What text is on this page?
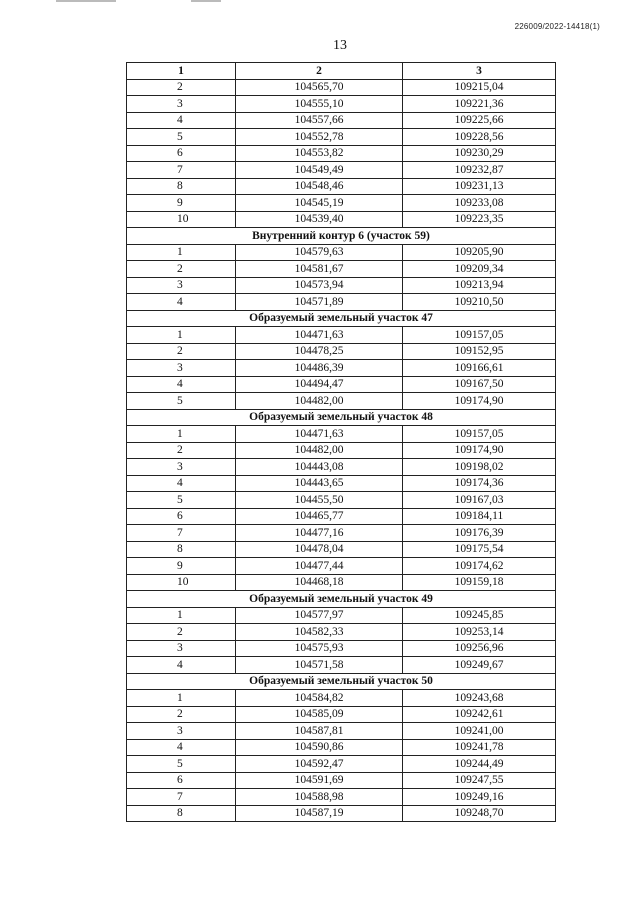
226009/2022-14418(1)
13
1	2	3
2	104565,70	109215,04
3	104555,10	109221,36
4	104557,66	109225,66
5	104552,78	109228,56
6	104553,82	109230,29
7	104549,49	109232,87
8	104548,46	109231,13
9	104545,19	109233,08
10	104539,40	109223,35
Внутренний контур 6 (участок 59)		
1	104579,63	109205,90
2	104581,67	109209,34
3	104573,94	109213,94
4	104571,89	109210,50
Образуемый земельный участок 47		
1	104471,63	109157,05
2	104478,25	109152,95
3	104486,39	109166,61
4	104494,47	109167,50
5	104482,00	109174,90
Образуемый земельный участок 48		
1	104471,63	109157,05
2	104482,00	109174,90
3	104443,08	109198,02
4	104443,65	109174,36
5	104455,50	109167,03
6	104465,77	109184,11
7	104477,16	109176,39
8	104478,04	109175,54
9	104477,44	109174,62
10	104468,18	109159,18
Образуемый земельный участок 49		
1	104577,97	109245,85
2	104582,33	109253,14
3	104575,93	109256,96
4	104571,58	109249,67
Образуемый земельный участок 50		
1	104584,82	109243,68
2	104585,09	109242,61
3	104587,81	109241,00
4	104590,86	109241,78
5	104592,47	109244,49
6	104591,69	109247,55
7	104588,98	109249,16
8	104587,19	109248,70
